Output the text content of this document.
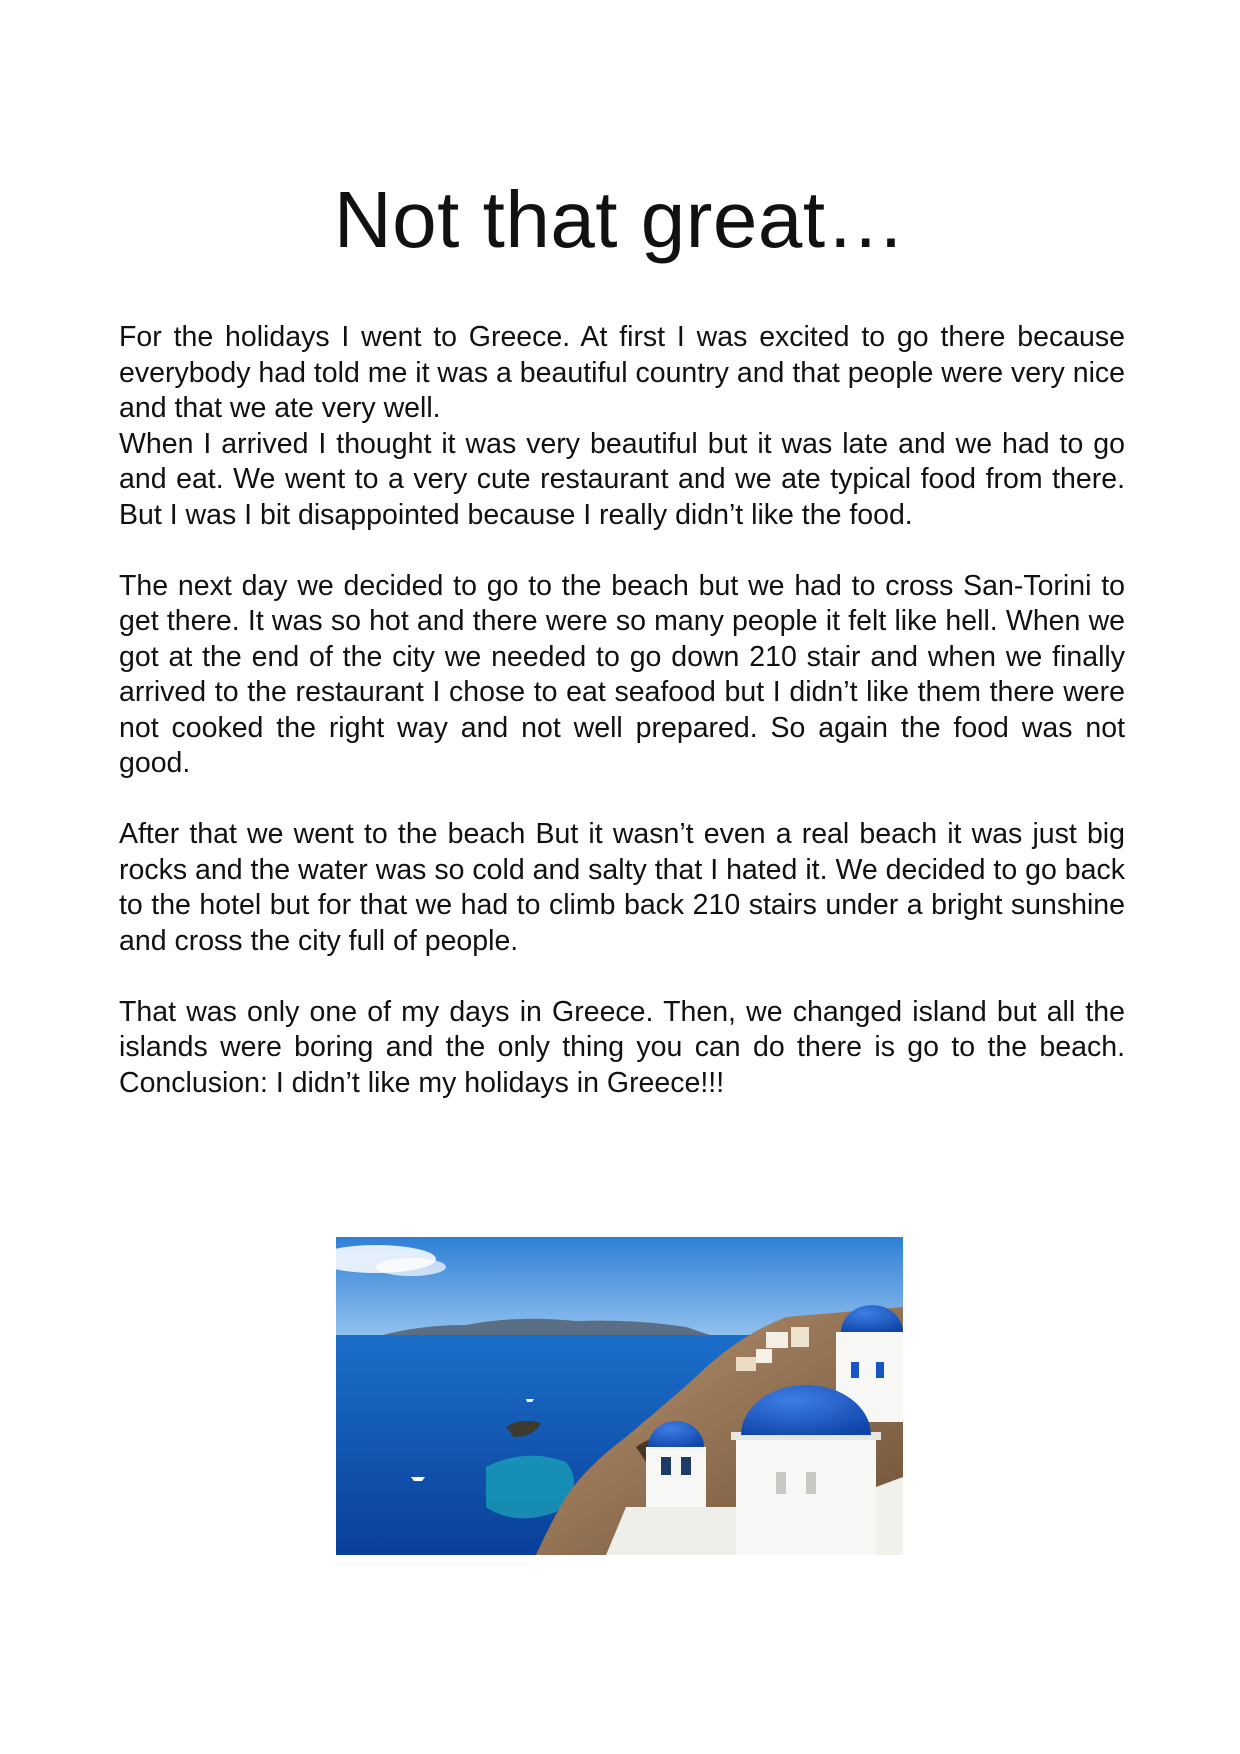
Not that great…

For the holidays I went to Greece. At first I was excited to go there because everybody had told me it was a beautiful country and that people were very nice and that we ate very well.

When I arrived I thought it was very beautiful but it was late and we had to go and eat. We went to a very cute restaurant and we ate typical food from there. But I was I bit disappointed because I really didn’t like the food.

The next day we decided to go to the beach but we had to cross San-Torini to get there. It was so hot and there were so many people it felt like hell. When we got at the end of the city we needed to go down 210 stair and when we finally arrived to the restaurant I chose to eat seafood but I didn’t like them there were not cooked the right way and not well prepared. So again the food was not good.

After that we went to the beach But it wasn’t even a real beach it was just big rocks and the water was so cold and salty that I hated it. We decided to go back to the hotel but for that we had to climb back 210 stairs under a bright sunshine and cross the city full of people.

That was only one of my days in Greece. Then, we changed island but all the islands were boring and the only thing you can do there is go to the beach. Conclusion: I didn’t like my holidays in Greece!!!
